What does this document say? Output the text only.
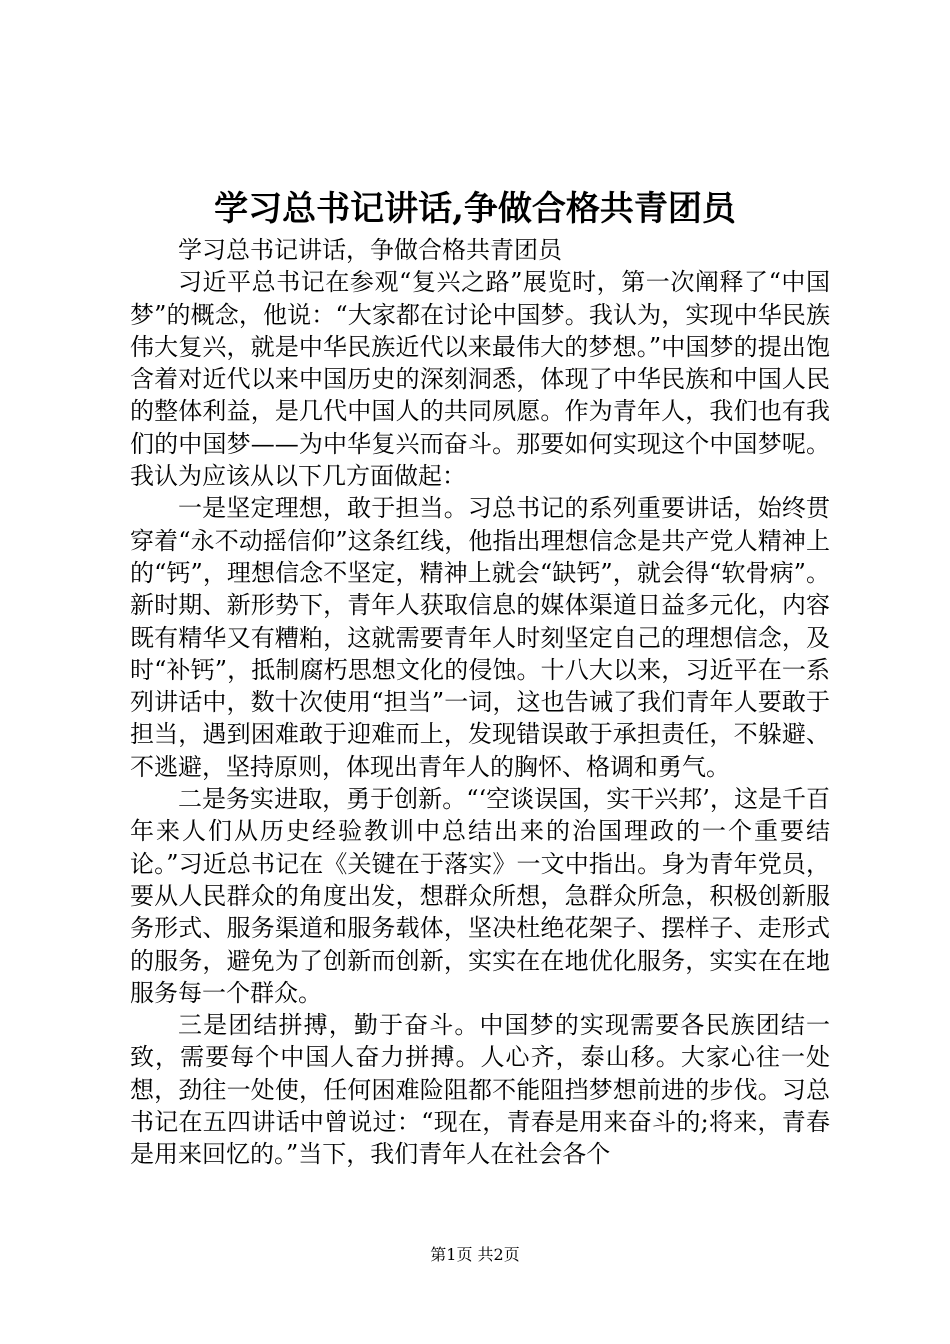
学习总书记讲话,争做合格共青团员

学习总书记讲话，争做合格共青团员

习近平总书记在参观“复兴之路”展览时，第一次阐释了“中国梦”的概念，他说：“大家都在讨论中国梦。我认为，实现中华民族伟大复兴，就是中华民族近代以来最伟大的梦想。”中国梦的提出饱含着对近代以来中国历史的深刻洞悉，体现了中华民族和中国人民的整体利益，是几代中国人的共同夙愿。作为青年人，我们也有我们的中国梦——为中华复兴而奋斗。那要如何实现这个中国梦呢。我认为应该从以下几方面做起：

一是坚定理想，敢于担当。习总书记的系列重要讲话，始终贯穿着“永不动摇信仰”这条红线，他指出理想信念是共产党人精神上的“钙”，理想信念不坚定，精神上就会“缺钙”，就会得“软骨病”。新时期、新形势下，青年人获取信息的媒体渠道日益多元化，内容既有精华又有糟粕，这就需要青年人时刻坚定自己的理想信念，及时“补钙”，抵制腐朽思想文化的侵蚀。十八大以来，习近平在一系列讲话中，数十次使用“担当”一词，这也告诫了我们青年人要敢于担当，遇到困难敢于迎难而上，发现错误敢于承担责任，不躲避、不逃避，坚持原则，体现出青年人的胸怀、格调和勇气。

二是务实进取，勇于创新。“‘空谈误国，实干兴邦’，这是千百年来人们从历史经验教训中总结出来的治国理政的一个重要结论。”习近总书记在《关键在于落实》一文中指出。身为青年党员，要从人民群众的角度出发，想群众所想，急群众所急，积极创新服务形式、服务渠道和服务载体，坚决杜绝花架子、摆样子、走形式的服务，避免为了创新而创新，实实在在地优化服务，实实在在地服务每一个群众。

三是团结拼搏，勤于奋斗。中国梦的实现需要各民族团结一致，需要每个中国人奋力拼搏。人心齐，泰山移。大家心往一处想，劲往一处使，任何困难险阻都不能阻挡梦想前进的步伐。习总书记在五四讲话中曾说过：“现在，青春是用来奋斗的;将来，青春是用来回忆的。”当下，我们青年人在社会各个

第1页 共2页
